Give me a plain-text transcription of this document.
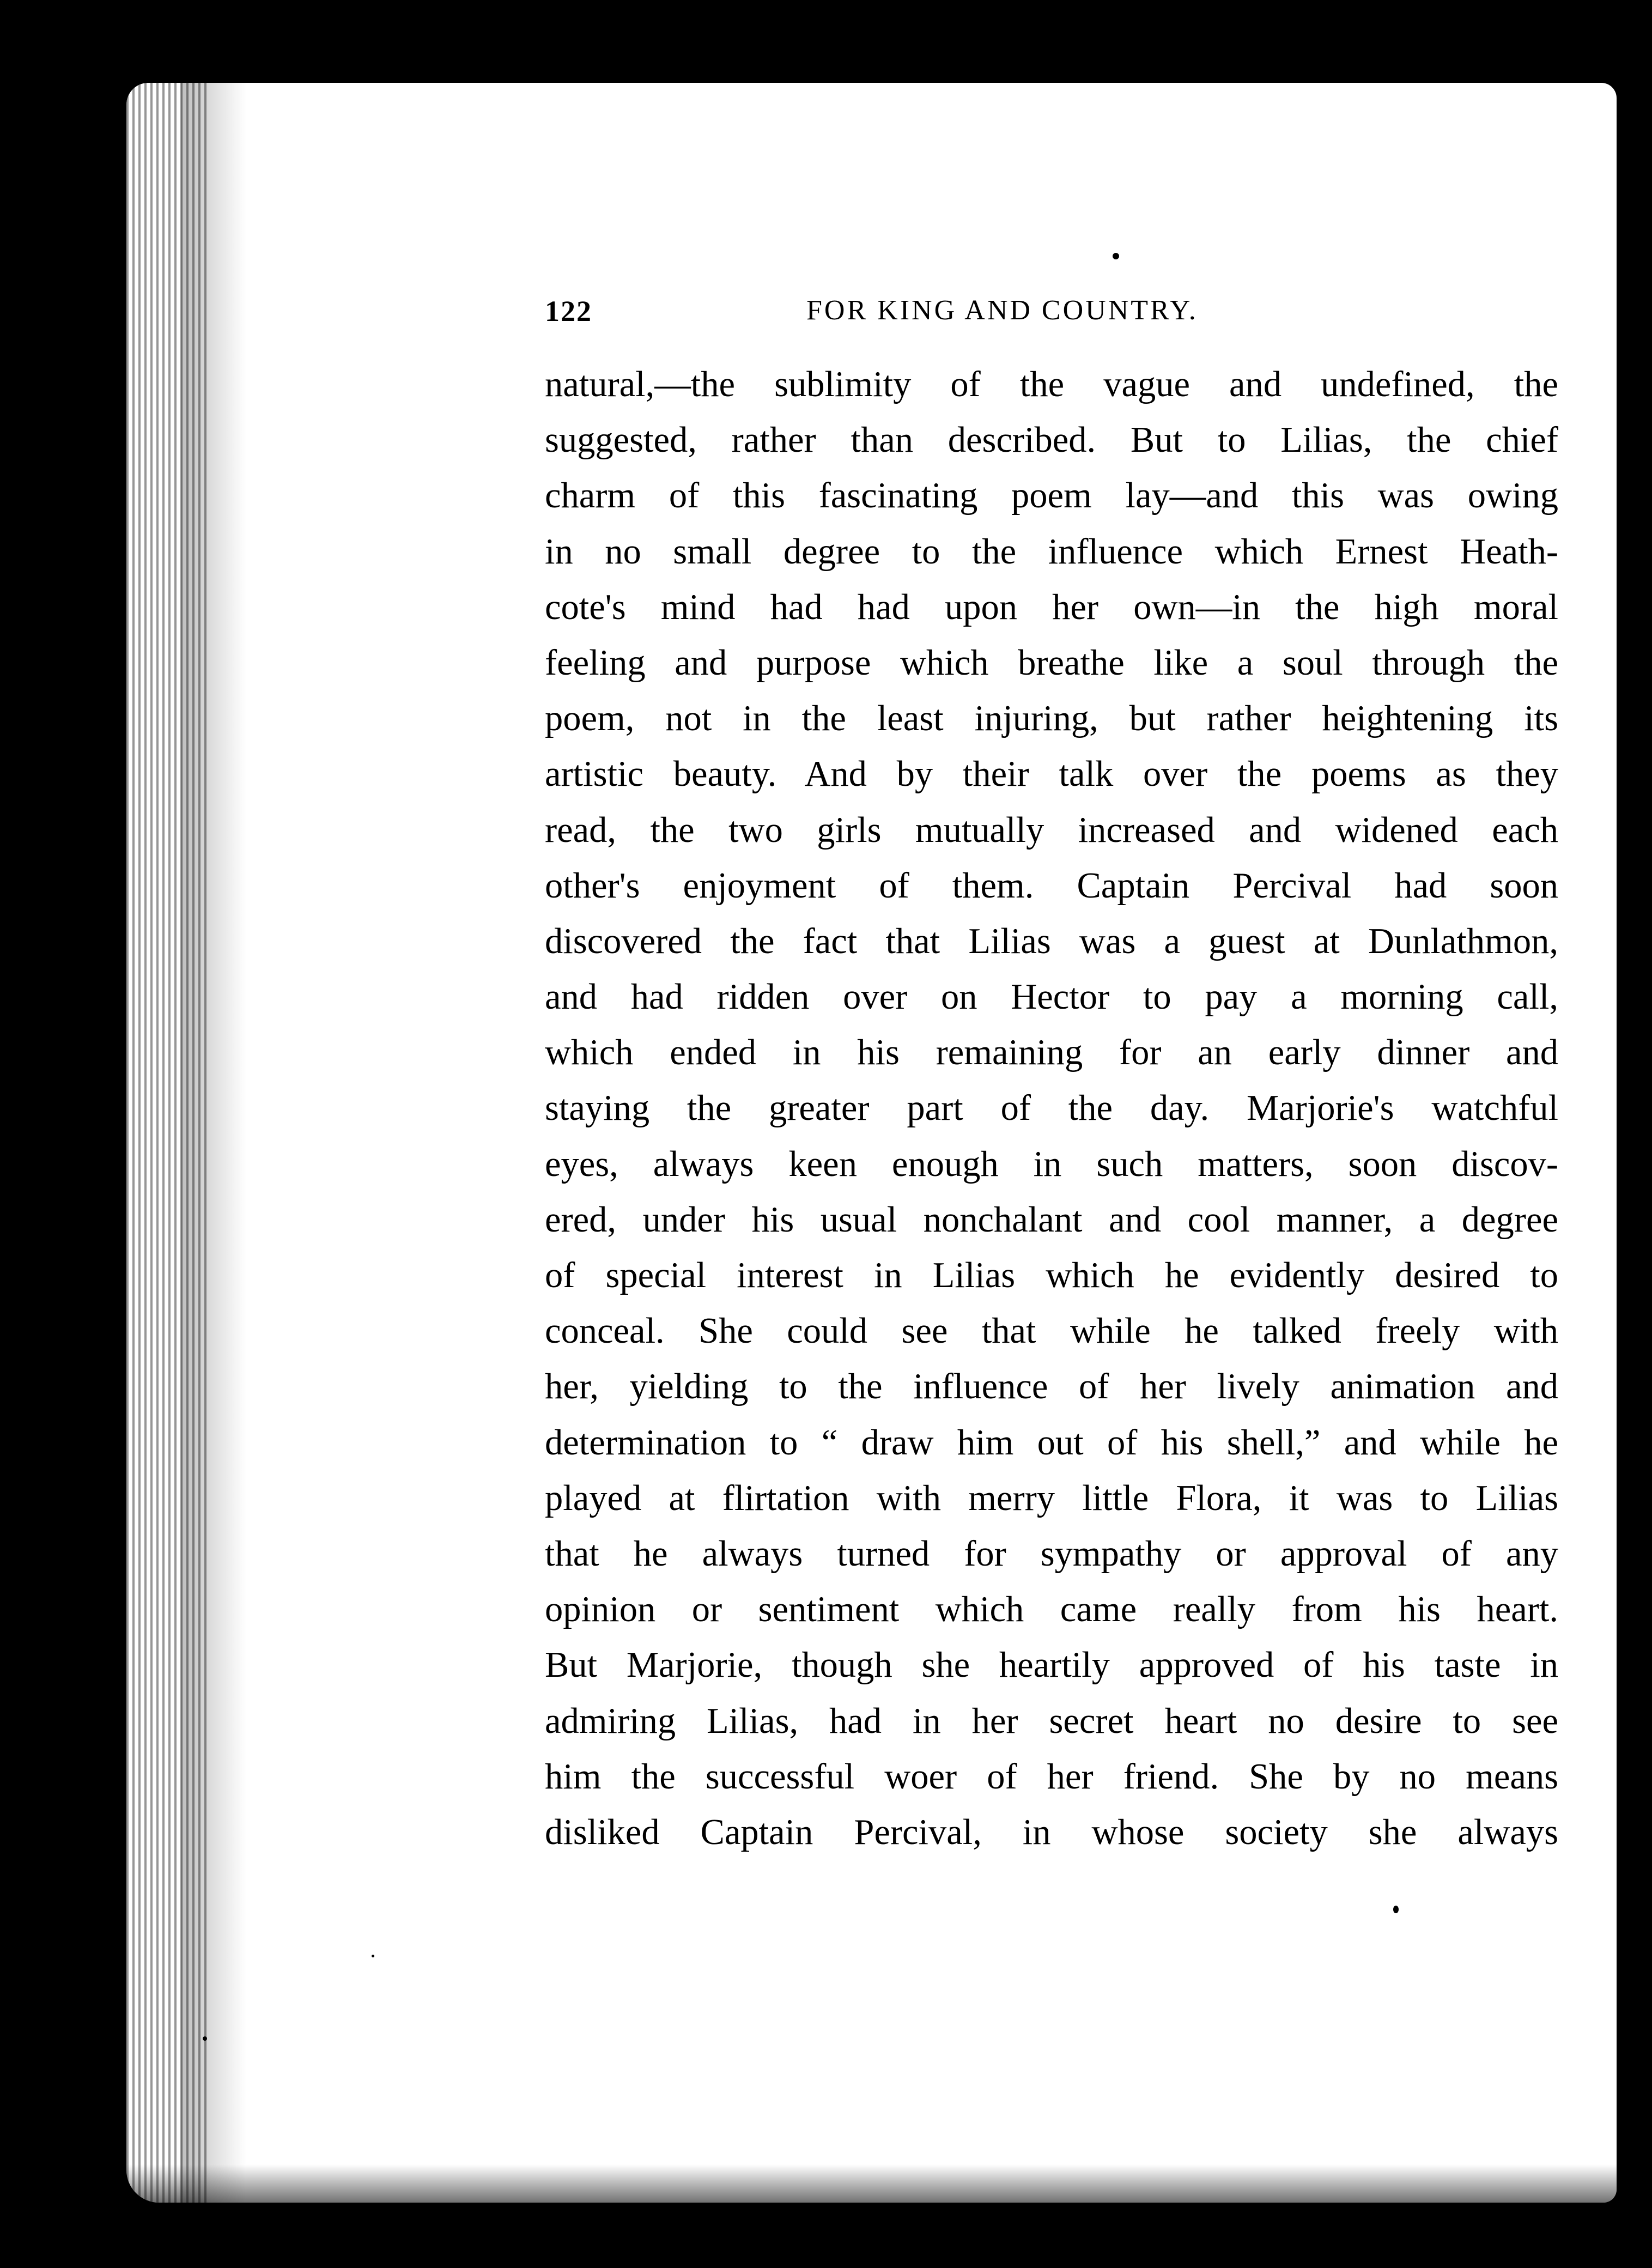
122	FOR KING AND COUNTRY.
natural,—the sublimity of the vague and undefined, the
suggested, rather than described. But to Lilias, the chief
charm of this fascinating poem lay—and this was owing
in no small degree to the influence which Ernest Heath-
cote's mind had had upon her own—in the high moral
feeling and purpose which breathe like a soul through the
poem, not in the least injuring, but rather heightening its
artistic beauty. And by their talk over the poems as they
read, the two girls mutually increased and widened each
other's enjoyment of them. Captain Percival had soon
discovered the fact that Lilias was a guest at Dunlathmon,
and had ridden over on Hector to pay a morning call,
which ended in his remaining for an early dinner and
staying the greater part of the day. Marjorie's watchful
eyes, always keen enough in such matters, soon discov-
ered, under his usual nonchalant and cool manner, a degree
of special interest in Lilias which he evidently desired to
conceal. She could see that while he talked freely with
her, yielding to the influence of her lively animation and
determination to “ draw him out of his shell,” and while he
played at flirtation with merry little Flora, it was to Lilias
that he always turned for sympathy or approval of any
opinion or sentiment which came really from his heart.
But Marjorie, though she heartily approved of his taste in
admiring Lilias, had in her secret heart no desire to see
him the successful woer of her friend. She by no means
disliked Captain Percival, in whose society she always
